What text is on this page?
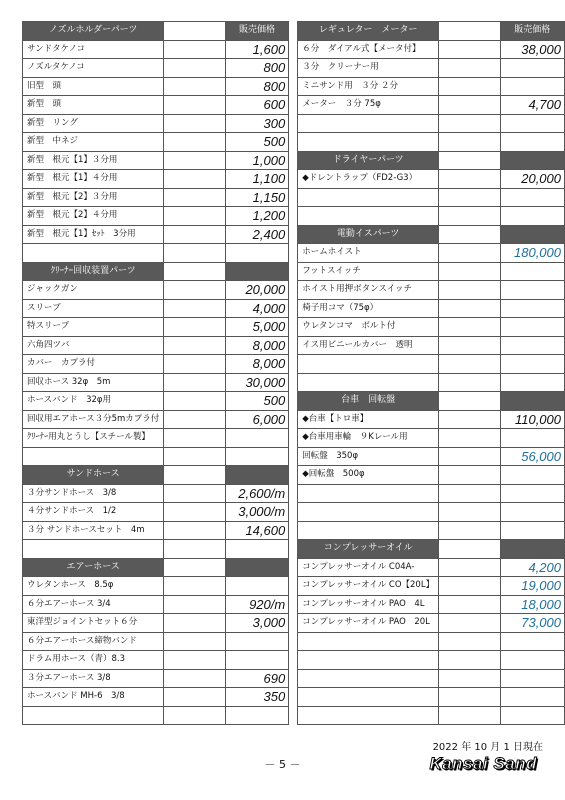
ノズルホルダーパーツ		販売価格		レギュレター　メーター		販売価格
サンドタケノコ		1,600		６分　ダイアル式【メータ付】		38,000
ノズルタケノコ		800		３分　クリーナー用		
旧型　頭		800		ミニサンド用　３分 ２分		
新型　頭		600		メーター　３分 75φ		4,700
新型　リング		300				
新型　中ネジ		500				
新型　根元【1】３分用		1,000		ドライヤーパーツ		
新型　根元【1】４分用		1,100		◆ドレントラップ（FD2-G3）		20,000
新型　根元【2】３分用		1,150				
新型　根元【2】４分用		1,200				
新型　根元【1】ｾｯﾄ　3分用		2,400		電動イスパーツ		
				ホームホイスト		180,000
ｸﾘｰﾅｰ回収装置パーツ				フットスイッチ		
ジャックガン		20,000		ホイスト用押ボタンスイッチ		
スリーブ		4,000		椅子用コマ（75φ）		
特スリーブ		5,000		ウレタンコマ　ボルト付		
六角四ツバ		8,000		イス用ビニールカバー　透明		
カバー　カプラ付		8,000				
回収ホース 32φ　5m		30,000				
ホースバンド　32φ用		500		台車　回転盤		
回収用エアホース３分5mカプラ付		6,000		◆台車【トロ車】		110,000
ｸﾘｰﾅｰ用丸とうし【スチール製】				◆台車用車輪　９Kレール用		
				回転盤　350φ		56,000
サンドホース				◆回転盤　500φ		
３分サンドホース　3/8		2,600/m				
４分サンドホース　1/2		3,000/m				
３分 サンドホースセット　4m		14,600				
				コンプレッサーオイル		
エアーホース				コンプレッサーオイル C04A-		4,200
ウレタンホース　8.5φ				コンプレッサーオイル CO【20L】		19,000
６分エアーホース 3/4		920/m		コンプレッサーオイル PAO　4L		18,000
東洋型ジョイントセット６分		3,000		コンプレッサーオイル PAO　20L		73,000
６分エアーホース締物バンド						
ドラム用ホース（青）8.3						
３分エアーホース 3/8		690				
ホースバンド MH-6　3/8		350				

2022 年 10 月 1 日現在
－ 5 －	Kansai Sand
